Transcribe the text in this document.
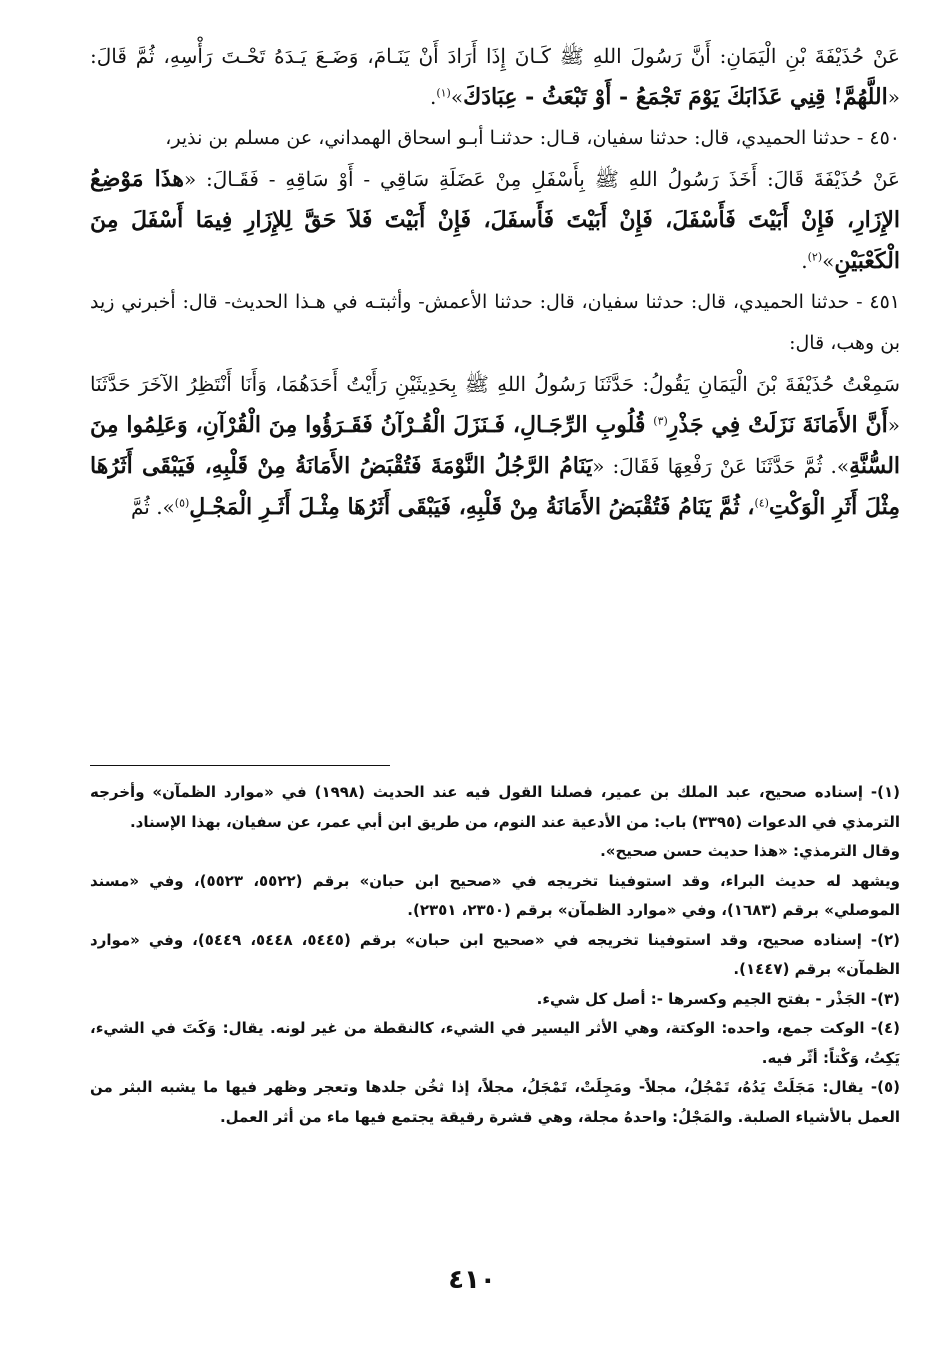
عَنْ حُذَيْفَةَ بْنِ الْيَمَانِ: أَنَّ رَسُولَ اللهِ ﷺ كَـانَ إِذَا أَرَادَ أَنْ يَنَـامَ، وَضَـعَ يَـدَهُ تَحْـتَ رَأْسِهِ، ثُمَّ قَالَ: «اللَّهُمَّ! قِنِي عَذَابَكَ يَوْمَ تَجْمَعُ - أَوْ تَبْعَثُ - عِبَادَكَ»$^{(١)}$.

٤٥٠ - حدثنا الحميدي، قال: حدثنا سفيان، قـال: حدثنـا أبـو اسحاق الهمداني، عن مسلم بن نذير،

عَنْ حُذَيْفَةَ قَالَ: أَخَذَ رَسُولُ اللهِ ﷺ بِأَسْفَلِ مِنْ عَضَلَةِ سَاقِي - أَوْ سَاقِهِ - فَقَـالَ: «هذَا مَوْضِعُ الإِزَارِ، فَإِنْ أَبَيْتَ فَأَسْفَلَ، فَإِنْ أَبَيْتَ فَأَسفَلَ، فَإِنْ أَبَيْتَ فَلاَ حَقَّ لِلإِزَارِ فِيمَا أَسْفَلَ مِنَ الْكَعْبَيْنِ»$^{(٢)}$.

٤٥١ - حدثنا الحميدي، قال: حدثنا سفيان، قال: حدثنا الأعمش- وأثبتـه في هـذا الحديث- قال: أخبرني زيد بن وهب، قال:

سَمِعْتُ حُذَيْفَةَ بْنَ الْيَمَانِ يَقُولُ: حَدَّثَنَا رَسُولُ اللهِ ﷺ بِحَدِيثَيْنِ رَأَيْتُ أَحَدَهُمَا، وَأَنَا أَنْتَظِرُ الآخَرَ حَدَّثَنَا «أَنَّ الأَمَانَةَ نَزَلَتْ فِي جَذْرِ$^{(٣)}$ قُلُوبِ الرِّجَـالِ، فَـنَزَلَ الْقُـرْآنُ فَقَـرَؤُوا مِنَ الْقُرْآنِ، وَعَلِمُوا مِنَ السُّنَّةِ». ثُمَّ حَدَّثَنَا عَنْ رَفْعِهَا فَقَالَ: «يَنَامُ الرَّجُلُ النَّوْمَةَ فَتُقْبَضُ الأَمَانَةُ مِنْ قَلْبِهِ، فَيَبْقَى أَثَرُهَا مِثْلَ أَثَرِ الْوَكْتِ$^{(٤)}$، ثُمَّ يَنَامُ فَتُقْبَضُ الأَمَانَةُ مِنْ قَلْبِهِ، فَيَبْقَى أَثَرُهَا مِثْـلَ أَثَـرِ الْمَجْـلِ$^{(٥)}$». ثُمَّ

(١)- إسناده صحيح، عبد الملك بن عمير، فصلنا القول فيه عند الحديث (١٩٩٨) في «موارد الظمآن» وأخرجه الترمذي في الدعوات (٣٣٩٥) باب: من الأدعية عند النوم، من طريق ابن أبي عمر، عن سفيان، بهذا الإسناد.

وقال الترمذي: «هذا حديث حسن صحيح».

ويشهد له حديث البراء، وقد استوفينا تخريجه في «صحيح ابن حبان» برقم (٥٥٢٢، ٥٥٢٣)، وفي «مسند الموصلي» برقم (١٦٨٣)، وفي «موارد الظمآن» برقم (٢٣٥٠، ٢٣٥١).

(٢)- إسناده صحيح، وقد استوفينا تخريجه في «صحيح ابن حبان» برقم (٥٤٤٥، ٥٤٤٨، ٥٤٤٩)، وفي «موارد الظمآن» برقم (١٤٤٧).

(٣)- الجَذْر - بفتح الجيم وكسرها -: أصل كل شيء.

(٤)- الوكت جمع، واحده: الوكتة، وهي الأثر اليسير في الشيء، كالنقطة من غير لونه. يقال: وَكَتَ في الشيء، يَكِتُ، وَكْتاً: أثّر فيه.

(٥)- يقال: مَجَلَتْ يَدُهُ، تَمْجُلُ، مجلاً- ومَجِلَتْ، تَمْجَلُ، مجلاً، إذا ثخُن جلدها وتعجر وظهر فيها ما يشبه البثر من العمل بالأشياء الصلبة. والمَجْلُ: واحدهُ مجلة، وهي قشرة رقيقة يجتمع فيها ماء من أثر العمل.

٤١٠
